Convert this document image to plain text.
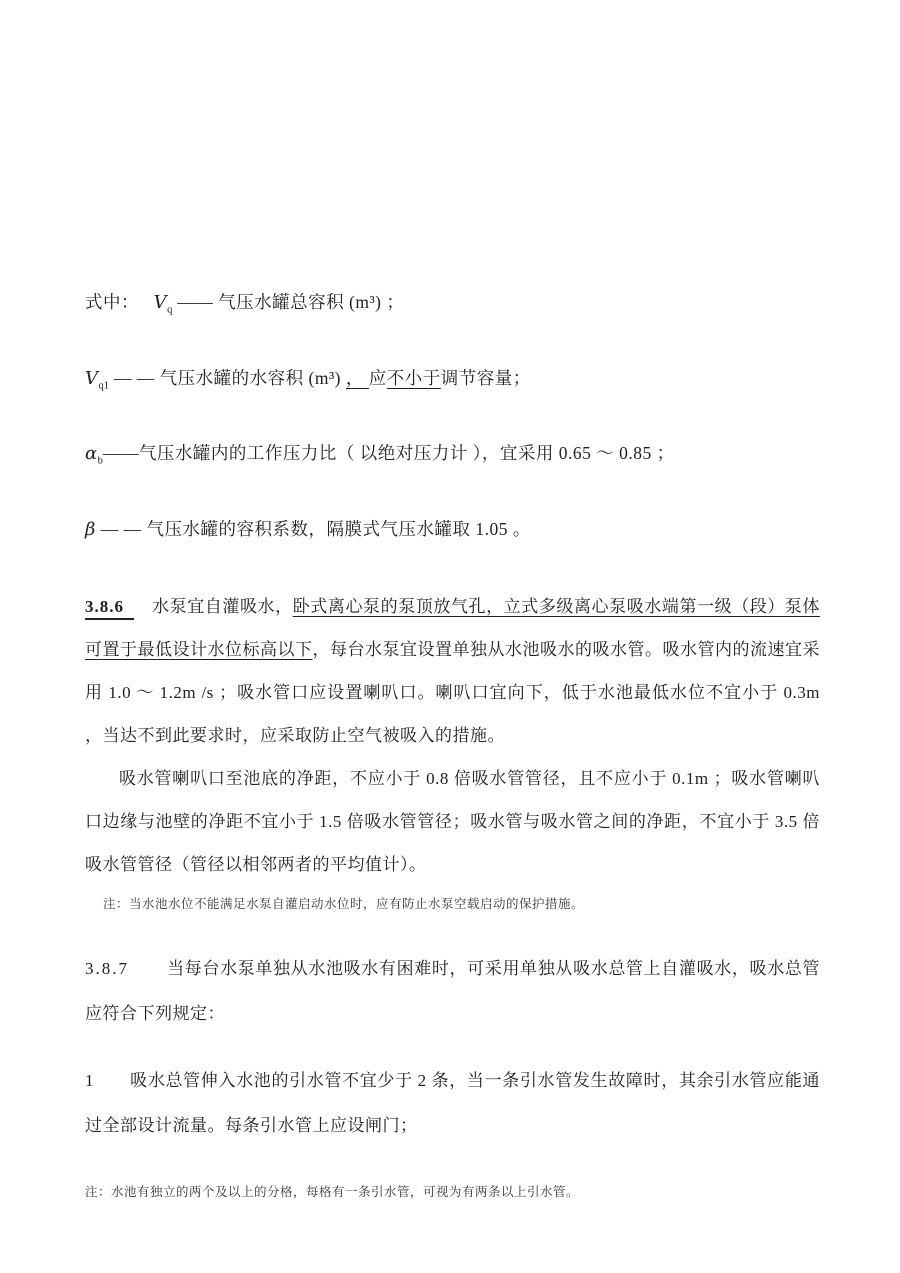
式中：   $V_q$ —— 气压水罐总容积 (m³) ；

$V_{q1}$ — — 气压水罐的水容积 (m³) ， 应不小于调节容量；

$\alpha_b——$气压水罐内的工作压力比（ 以绝对压力计 ），宜采用 0.65 ～ 0.85 ；

β — — 气压水罐的容积系数，隔膜式气压水罐取 1.05 。

3.8.6 水泵宜自灌吸水，卧式离心泵的泵顶放气孔，立式多级离心泵吸水端第一级（段）泵体可置于最低设计水位标高以下，每台水泵宜设置单独从水池吸水的吸水管。吸水管内的流速宜采用 1.0 ～ 1.2m /s ；吸水管口应设置喇叭口。喇叭口宜向下，低于水池最低水位不宜小于 0.3m ，当达不到此要求时，应采取防止空气被吸入的措施。

吸水管喇叭口至池底的净距，不应小于 0.8 倍吸水管管径，且不应小于 0.1m ；吸水管喇叭口边缘与池壁的净距不宜小于 1.5 倍吸水管管径；吸水管与吸水管之间的净距，不宜小于 3.5 倍吸水管管径（管径以相邻两者的平均值计）。

注：当水池水位不能满足水泵自灌启动水位时，应有防止水泵空载启动的保护措施。

3.8.7 当每台水泵单独从水池吸水有困难时，可采用单独从吸水总管上自灌吸水，吸水总管应符合下列规定：

1 吸水总管伸入水池的引水管不宜少于 2 条，当一条引水管发生故障时，其余引水管应能通过全部设计流量。每条引水管上应设闸门；

注：水池有独立的两个及以上的分格，每格有一条引水管，可视为有两条以上引水管。
